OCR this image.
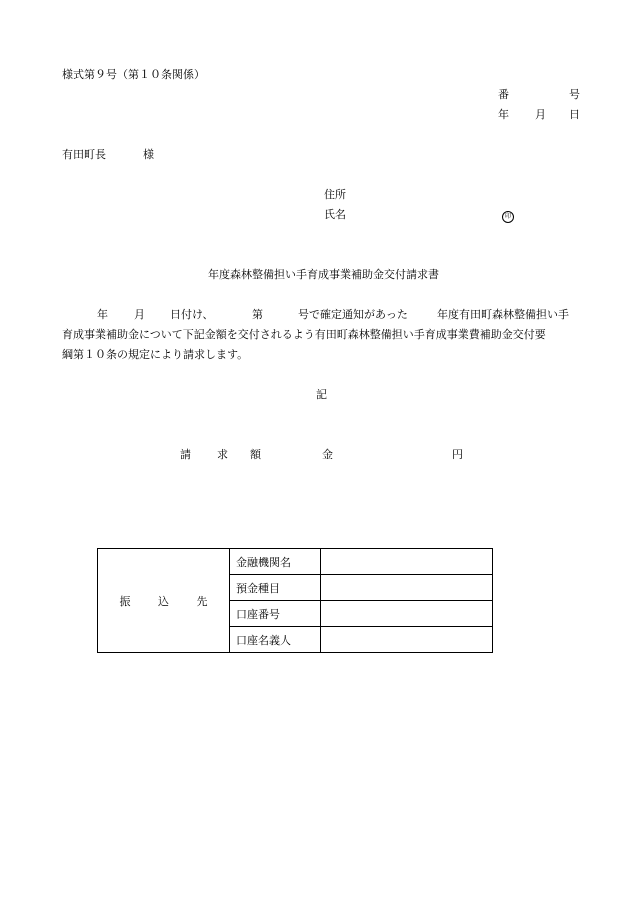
様式第９号（第１０条関係）
番	号
年 月 日
有田町長	様
住所
氏名	印
年度森林整備担い手育成事業補助金交付請求書
年 月 日付け、	第	号で確定通知があった	年度有田町森林整備担い手
育成事業補助金について下記金額を交付されるよう有田町森林整備担い手育成事業費補助金交付要
綱第１０条の規定により請求します。
記
請 求 額	金	円
振 込 先	金融機関名	
	預金種目	
	口座番号	
	口座名義人	
